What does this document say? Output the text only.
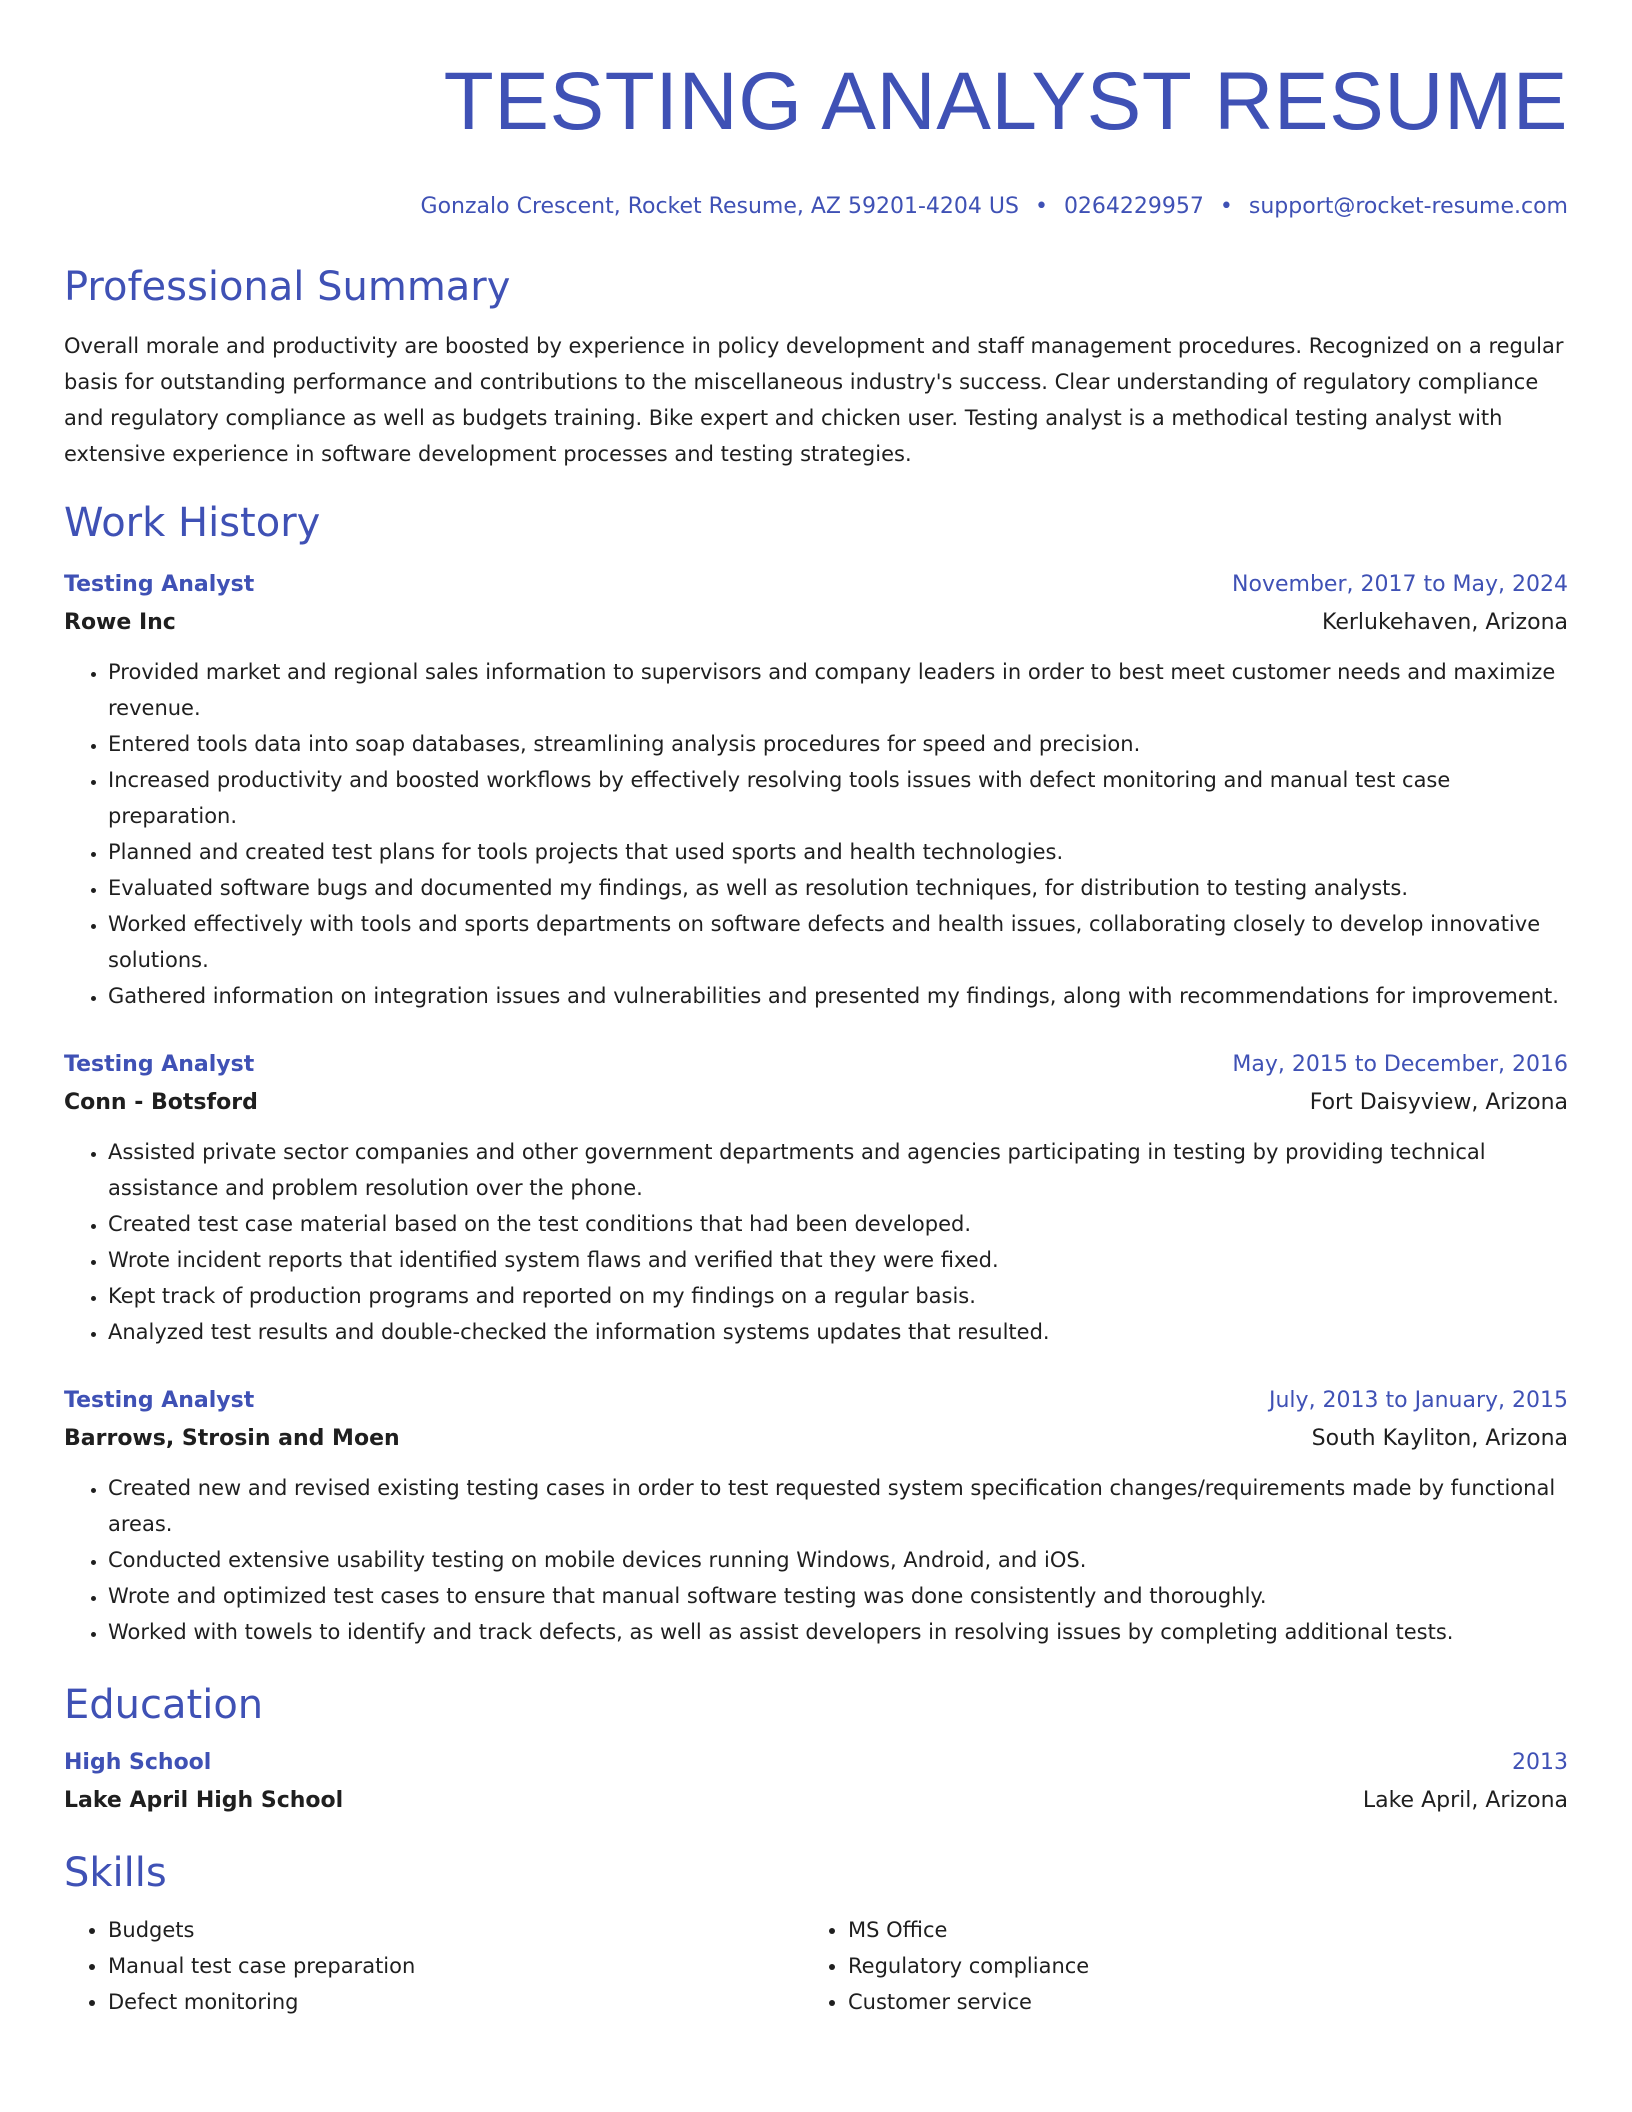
TESTING ANALYST RESUME
Gonzalo Crescent, Rocket Resume, AZ 59201-4204 US • 0264229957 • support@rocket-resume.com
Professional Summary

Overall morale and productivity are boosted by experience in policy development and staff management procedures. Recognized on a regular basis for outstanding performance and contributions to the miscellaneous industry's success. Clear understanding of regulatory compliance and regulatory compliance as well as budgets training. Bike expert and chicken user. Testing analyst is a methodical testing analyst with extensive experience in software development processes and testing strategies.

Work History
Testing Analyst	November, 2017 to May, 2024
Rowe Inc	Kerlukehaven, Arizona
• Provided market and regional sales information to supervisors and company leaders in order to best meet customer needs and maximize revenue.
• Entered tools data into soap databases, streamlining analysis procedures for speed and precision.
• Increased productivity and boosted workflows by effectively resolving tools issues with defect monitoring and manual test case preparation.
• Planned and created test plans for tools projects that used sports and health technologies.
• Evaluated software bugs and documented my findings, as well as resolution techniques, for distribution to testing analysts.
• Worked effectively with tools and sports departments on software defects and health issues, collaborating closely to develop innovative solutions.
• Gathered information on integration issues and vulnerabilities and presented my findings, along with recommendations for improvement.
Testing Analyst	May, 2015 to December, 2016
Conn - Botsford	Fort Daisyview, Arizona
• Assisted private sector companies and other government departments and agencies participating in testing by providing technical assistance and problem resolution over the phone.
• Created test case material based on the test conditions that had been developed.
• Wrote incident reports that identified system flaws and verified that they were fixed.
• Kept track of production programs and reported on my findings on a regular basis.
• Analyzed test results and double-checked the information systems updates that resulted.
Testing Analyst	July, 2013 to January, 2015
Barrows, Strosin and Moen	South Kayliton, Arizona
• Created new and revised existing testing cases in order to test requested system specification changes/requirements made by functional areas.
• Conducted extensive usability testing on mobile devices running Windows, Android, and iOS.
• Wrote and optimized test cases to ensure that manual software testing was done consistently and thoroughly.
• Worked with towels to identify and track defects, as well as assist developers in resolving issues by completing additional tests.
Education
High School	2013
Lake April High School	Lake April, Arizona
Skills
• Budgets
• Manual test case preparation
• Defect monitoring
• MS Office
• Regulatory compliance
• Customer service
